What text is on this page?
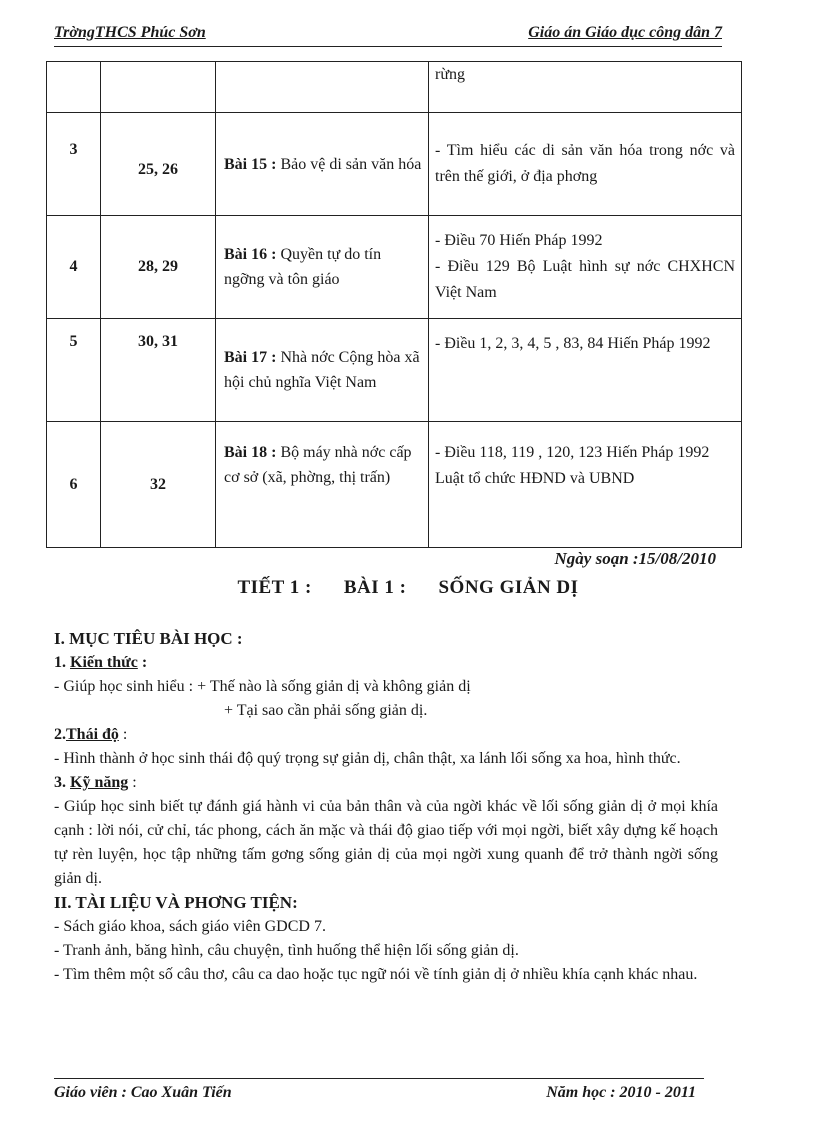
TrờngTHCS Phúc Sơn	Giáo án Giáo dục công dân 7

			rừng

3	25, 26	Bài 15 : Bảo vệ di sản văn hóa	- Tìm hiểu các di sản văn hóa trong nớc và trên thế giới, ở địa phơng

4	28, 29	Bài 16 : Quyền tự do tín ngỡng và tôn giáo	- Điều 70 Hiến Pháp 1992
- Điều 129 Bộ Luật hình sự nớc CHXHCN Việt Nam

5	30, 31	Bài 17 : Nhà nớc Cộng hòa xã hội chủ nghĩa Việt Nam	- Điều 1, 2, 3, 4, 5 , 83, 84 Hiến Pháp 1992

6	32	Bài 18 : Bộ máy nhà nớc cấp cơ sở (xã, phờng, thị trấn)	- Điều 118, 119 , 120, 123 Hiến Pháp 1992
Luật tổ chức HĐND và UBND
Ngày soạn :15/08/2010
TIẾT 1 : BÀI 1 : SỐNG GIẢN DỊ

I. MỤC TIÊU BÀI HỌC :

1. Kiến thức :

- Giúp học sinh hiểu : + Thế nào là sống giản dị và không giản dị

+ Tại sao cần phải sống giản dị.

2.Thái độ :

- Hình thành ở học sinh thái độ quý trọng sự giản dị, chân thật, xa lánh lối sống xa hoa, hình thức.

3. Kỹ năng :

- Giúp học sinh biết tự đánh giá hành vi của bản thân và của ngời khác về lối sống giản dị ở mọi khía cạnh : lời nói, cử chỉ, tác phong, cách ăn mặc và thái độ giao tiếp với mọi ngời, biết xây dựng kế hoạch tự rèn luyện, học tập những tấm gơng sống giản dị của mọi ngời xung quanh để trở thành ngời sống giản dị.

II. TÀI LIỆU VÀ PHƠNG TIỆN:

- Sách giáo khoa, sách giáo viên GDCD 7.

- Tranh ảnh, băng hình, câu chuyện, tình huống thể hiện lối sống giản dị.

- Tìm thêm một số câu thơ, câu ca dao hoặc tục ngữ nói về tính giản dị ở nhiều khía cạnh khác nhau.

Giáo viên : Cao Xuân Tiến	Năm học : 2010 - 2011
